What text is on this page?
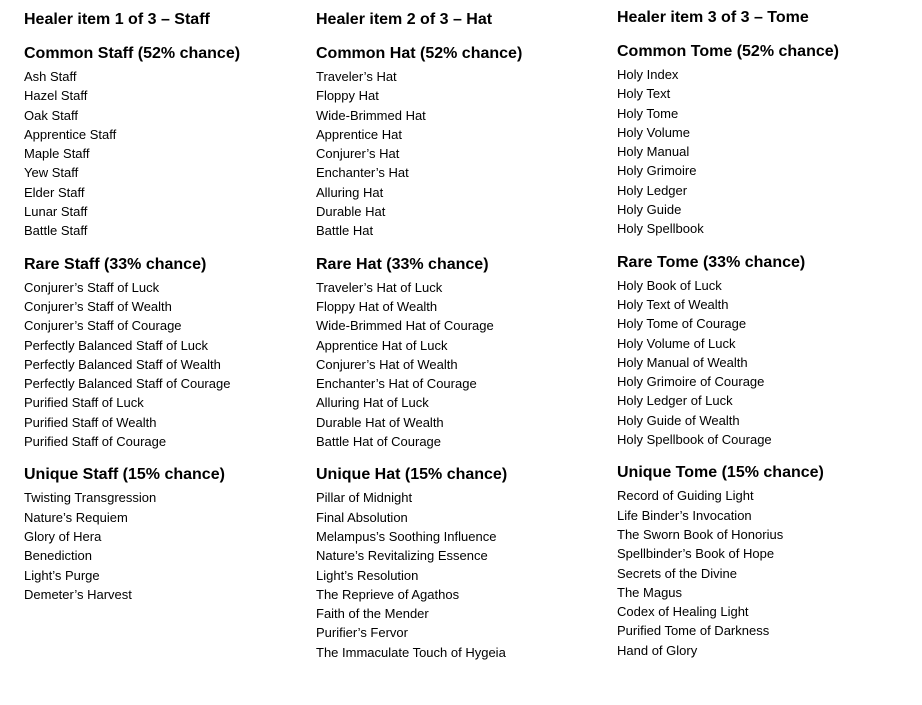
Healer item 1 of 3 – Staff
Common Staff (52% chance)
Ash Staff
Hazel Staff
Oak Staff
Apprentice Staff
Maple Staff
Yew Staff
Elder Staff
Lunar Staff
Battle Staff
Rare Staff (33% chance)
Conjurer’s Staff of Luck
Conjurer’s Staff of Wealth
Conjurer’s Staff of Courage
Perfectly Balanced Staff of Luck
Perfectly Balanced Staff of Wealth
Perfectly Balanced Staff of Courage
Purified Staff of Luck
Purified Staff of Wealth
Purified Staff of Courage
Unique Staff (15% chance)
Twisting Transgression
Nature’s Requiem
Glory of Hera
Benediction
Light’s Purge
Demeter’s Harvest
Healer item 2 of 3 – Hat
Common Hat (52% chance)
Traveler’s Hat
Floppy Hat
Wide-Brimmed Hat
Apprentice Hat
Conjurer’s Hat
Enchanter’s Hat
Alluring Hat
Durable Hat
Battle Hat
Rare Hat (33% chance)
Traveler’s Hat of Luck
Floppy Hat of Wealth
Wide-Brimmed Hat of Courage
Apprentice Hat of Luck
Conjurer’s Hat of Wealth
Enchanter’s Hat of Courage
Alluring Hat of Luck
Durable Hat of Wealth
Battle Hat of Courage
Unique Hat (15% chance)
Pillar of Midnight
Final Absolution
Melampus’s Soothing Influence
Nature’s Revitalizing Essence
Light’s Resolution
The Reprieve of Agathos
Faith of the Mender
Purifier’s Fervor
The Immaculate Touch of Hygeia
Healer item 3 of 3 – Tome
Common Tome (52% chance)
Holy Index
Holy Text
Holy Tome
Holy Volume
Holy Manual
Holy Grimoire
Holy Ledger
Holy Guide
Holy Spellbook
Rare Tome (33% chance)
Holy Book of Luck
Holy Text of Wealth
Holy Tome of Courage
Holy Volume of Luck
Holy Manual of Wealth
Holy Grimoire of Courage
Holy Ledger of Luck
Holy Guide of Wealth
Holy Spellbook of Courage
Unique Tome (15% chance)
Record of Guiding Light
Life Binder’s Invocation
The Sworn Book of Honorius
Spellbinder’s Book of Hope
Secrets of the Divine
The Magus
Codex of Healing Light
Purified Tome of Darkness
Hand of Glory
